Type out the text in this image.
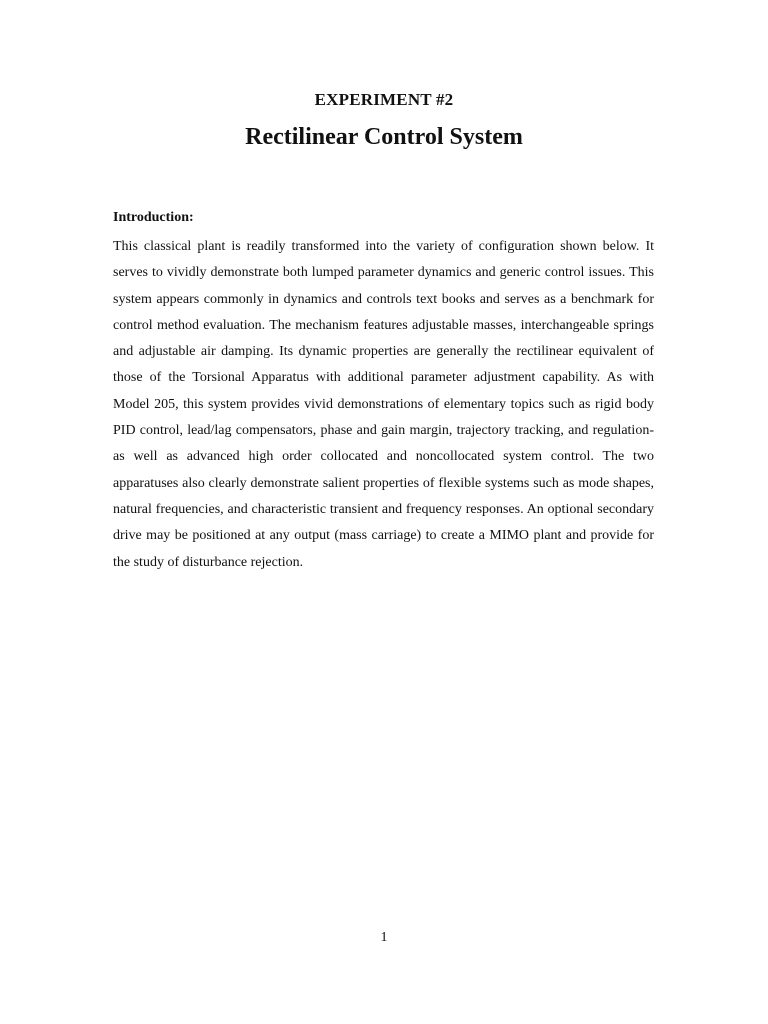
EXPERIMENT #2
Rectilinear Control System
Introduction:

This classical plant is readily transformed into the variety of configuration shown below. It serves to vividly demonstrate both lumped parameter dynamics and generic control issues. This system appears commonly in dynamics and controls text books and serves as a benchmark for control method evaluation. The mechanism features adjustable masses, interchangeable springs and adjustable air damping. Its dynamic properties are generally the rectilinear equivalent of those of the Torsional Apparatus with additional parameter adjustment capability. As with Model 205, this system provides vivid demonstrations of elementary topics such as rigid body PID control, lead/lag compensators, phase and gain margin, trajectory tracking, and regulation-as well as advanced high order collocated and noncollocated system control. The two apparatuses also clearly demonstrate salient properties of flexible systems such as mode shapes, natural frequencies, and characteristic transient and frequency responses. An optional secondary drive may be positioned at any output (mass carriage) to create a MIMO plant and provide for the study of disturbance rejection.

1
